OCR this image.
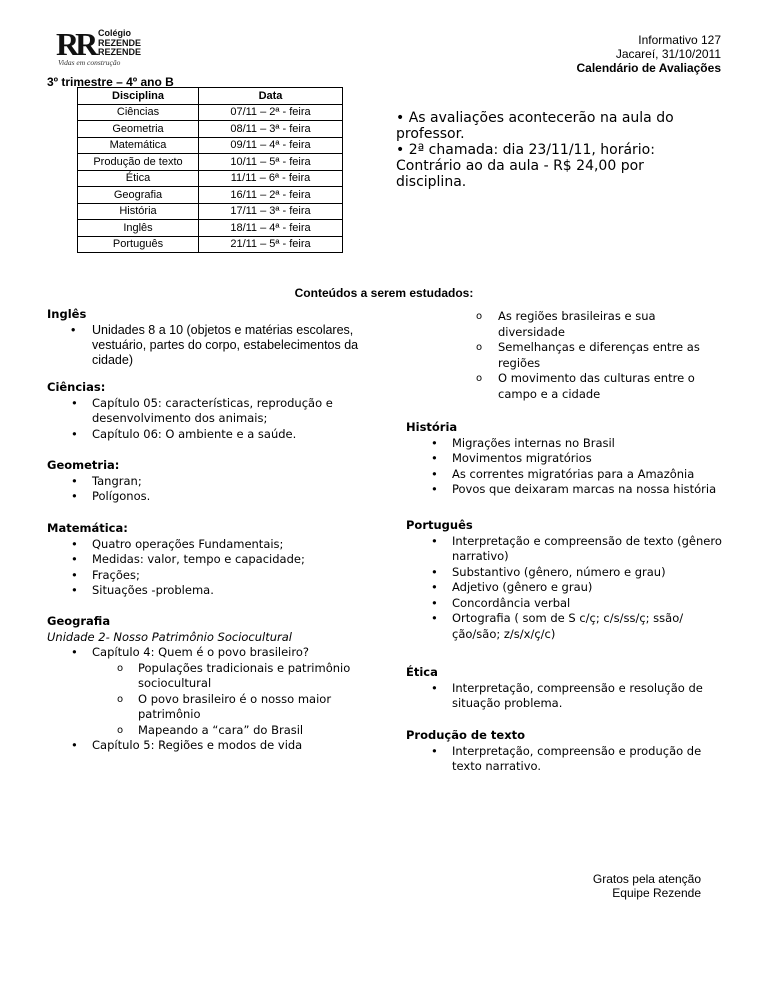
RR Colégio
REZENDE
REZENDE
Vidas em construção
Informativo 127
Jacareí, 31/10/2011
Calendário de Avaliações
3º trimestre – 4º ano B
Disciplina	Data
Ciências	07/11 – 2ª - feira
Geometria	08/11 – 3ª - feira
Matemática	09/11 – 4ª - feira
Produção de texto	10/11 – 5ª - feira
Ética	11/11 – 6ª - feira
Geografia	16/11 – 2ª - feira
História	17/11 – 3ª - feira
Inglês	18/11 – 4ª - feira
Português	21/11 – 5ª - feira

• As avaliações acontecerão na aula do professor.

• 2ª chamada: dia 23/11/11, horário: Contrário ao da aula - R$ 24,00 por disciplina.

Conteúdos a serem estudados:
Inglês
• Unidades 8 a 10 (objetos e matérias escolares, vestuário, partes do corpo, estabelecimentos da cidade)
Ciências:
• Capítulo 05: características, reprodução e desenvolvimento dos animais;
• Capítulo 06: O ambiente e a saúde.
Geometria:
• Tangran;
• Polígonos.
Matemática:
• Quatro operações Fundamentais;
• Medidas: valor, tempo e capacidade;
• Frações;
• Situações -problema.
Geografia
Unidade 2- Nosso Patrimônio Sociocultural
• Capítulo 4: Quem é o povo brasileiro?
o Populações tradicionais e patrimônio sociocultural
o O povo brasileiro é o nosso maior patrimônio
o Mapeando a “cara” do Brasil
• Capítulo 5: Regiões e modos de vida
o As regiões brasileiras e sua diversidade
o Semelhanças e diferenças entre as regiões
o O movimento das culturas entre o campo e a cidade
História
• Migrações internas no Brasil
• Movimentos migratórios
• As correntes migratórias para a Amazônia
• Povos que deixaram marcas na nossa história
Português
• Interpretação e compreensão de texto (gênero narrativo)
• Substantivo (gênero, número e grau)
• Adjetivo (gênero e grau)
• Concordância verbal
• Ortografia ( som de S c/ç; c/s/ss/ç; ssão/ção/são; z/s/x/ç/c)
Ética
• Interpretação, compreensão e resolução de situação problema.
Produção de texto
• Interpretação, compreensão e produção de texto narrativo.
Gratos pela atenção
Equipe Rezende
